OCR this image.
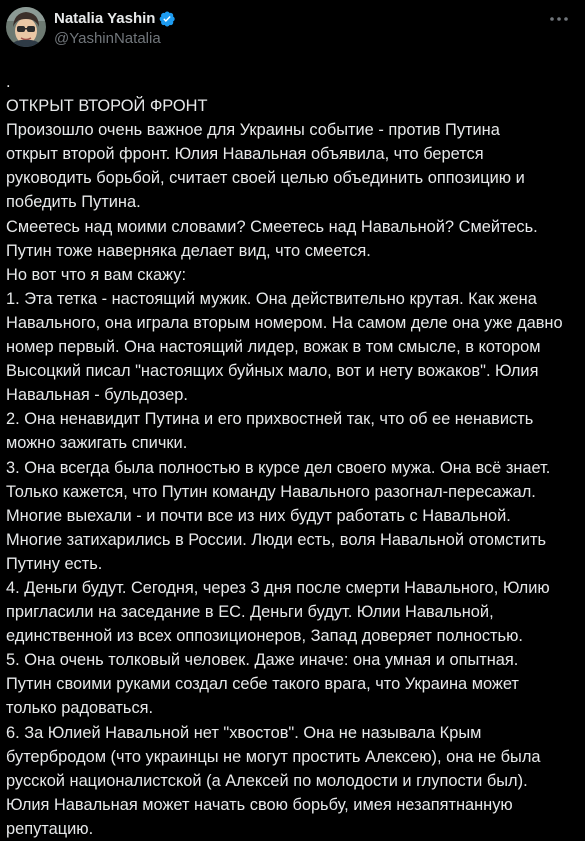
Natalia Yashin
@YashinNatalia
.
ОТКРЫТ ВТОРОЙ ФРОНТ
Произошло очень важное для Украины событие - против Путина
открыт второй фронт. Юлия Навальная объявила, что берется
руководить борьбой, считает своей целью объединить оппозицию и
победить Путина.
Смеетесь над моими словами? Смеетесь над Навальной? Смейтесь.
Путин тоже наверняка делает вид, что смеется.
Но вот что я вам скажу:
1. Эта тетка - настоящий мужик. Она действительно крутая. Как жена
Навального, она играла вторым номером. На самом деле она уже давно
номер первый. Она настоящий лидер, вожак в том смысле, в котором
Высоцкий писал "настоящих буйных мало, вот и нету вожаков". Юлия
Навальная - бульдозер.
2. Она ненавидит Путина и его прихвостней так, что об ее ненависть
можно зажигать спички.
3. Она всегда была полностью в курсе дел своего мужа. Она всё знает.
Только кажется, что Путин команду Навального разогнал-пересажал.
Многие выехали - и почти все из них будут работать с Навальной.
Многие затихарились в России. Люди есть, воля Навальной отомстить
Путину есть.
4. Деньги будут. Сегодня, через 3 дня после смерти Навального, Юлию
пригласили на заседание в ЕС. Деньги будут. Юлии Навальной,
единственной из всех оппозиционеров, Запад доверяет полностью.
5. Она очень толковый человек. Даже иначе: она умная и опытная.
Путин своими руками создал себе такого врага, что Украина может
только радоваться.
6. За Юлией Навальной нет "хвостов". Она не называла Крым
бутербродом (что украинцы не могут простить Алексею), она не была
русской националистской (а Алексей по молодости и глупости был).
Юлия Навальная может начать свою борьбу, имея незапятнанную
репутацию.
